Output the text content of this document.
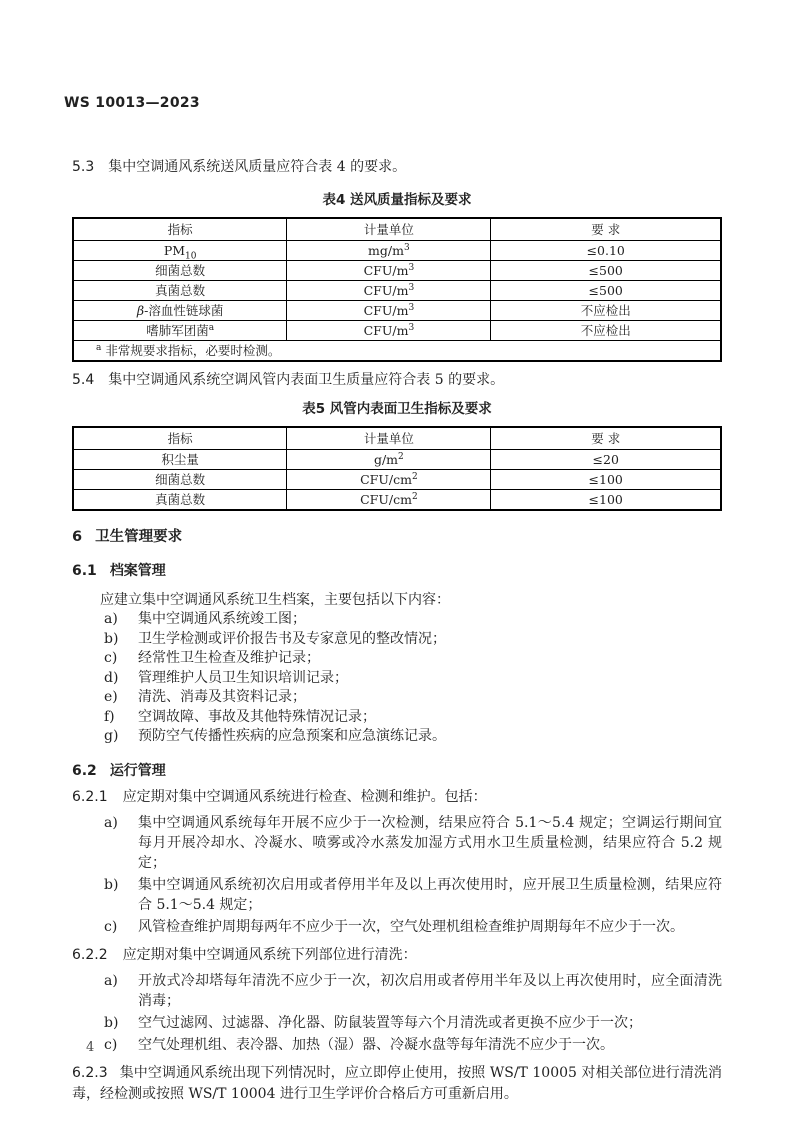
WS 10013—2023
5.3 集中空调通风系统送风质量应符合表 4 的要求。
表4 送风质量指标及要求
指标	计量单位	要 求
$PM_{10}$	$mg/m^3$	≤0.10
细菌总数	CFU/$m^3$	≤500
真菌总数	CFU/$m^3$	≤500
β-溶血性链球菌	CFU/$m^3$	不应检出
嗜肺军团菌$^a$	CFU/$m^3$	不应检出
$^a$ 非常规要求指标，必要时检测。		
5.4 集中空调通风系统空调风管内表面卫生质量应符合表 5 的要求。
表5 风管内表面卫生指标及要求
指标	计量单位	要 求
积尘量	$g/m^2$	≤20
细菌总数	CFU/$cm^2$	≤100
真菌总数	CFU/$cm^2$	≤100
6 卫生管理要求
6.1 档案管理

应建立集中空调通风系统卫生档案，主要包括以下内容：

a)	集中空调通风系统竣工图；
b)	卫生学检测或评价报告书及专家意见的整改情况；
c)	经常性卫生检查及维护记录；
d)	管理维护人员卫生知识培训记录；
e)	清洗、消毒及其资料记录；
f)	空调故障、事故及其他特殊情况记录；
g)	预防空气传播性疾病的应急预案和应急演练记录。
6.2 运行管理
6.2.1 应定期对集中空调通风系统进行检查、检测和维护。包括：
a)	集中空调通风系统每年开展不应少于一次检测，结果应符合 5.1～5.4 规定；空调运行期间宜每月开展冷却水、冷凝水、喷雾或冷水蒸发加湿方式用水卫生质量检测，结果应符合 5.2 规定；
b)	集中空调通风系统初次启用或者停用半年及以上再次使用时，应开展卫生质量检测，结果应符合 5.1～5.4 规定；
c)	风管检查维护周期每两年不应少于一次，空气处理机组检查维护周期每年不应少于一次。
6.2.2 应定期对集中空调通风系统下列部位进行清洗：
a)	开放式冷却塔每年清洗不应少于一次，初次启用或者停用半年及以上再次使用时，应全面清洗消毒；
b)	空气过滤网、过滤器、净化器、防鼠装置等每六个月清洗或者更换不应少于一次；
c)	空气处理机组、表冷器、加热（湿）器、冷凝水盘等每年清洗不应少于一次。

6.2.3 集中空调通风系统出现下列情况时，应立即停止使用，按照 WS/T 10005 对相关部位进行清洗消毒，经检测或按照 WS/T 10004 进行卫生学评价合格后方可重新启用。

4
